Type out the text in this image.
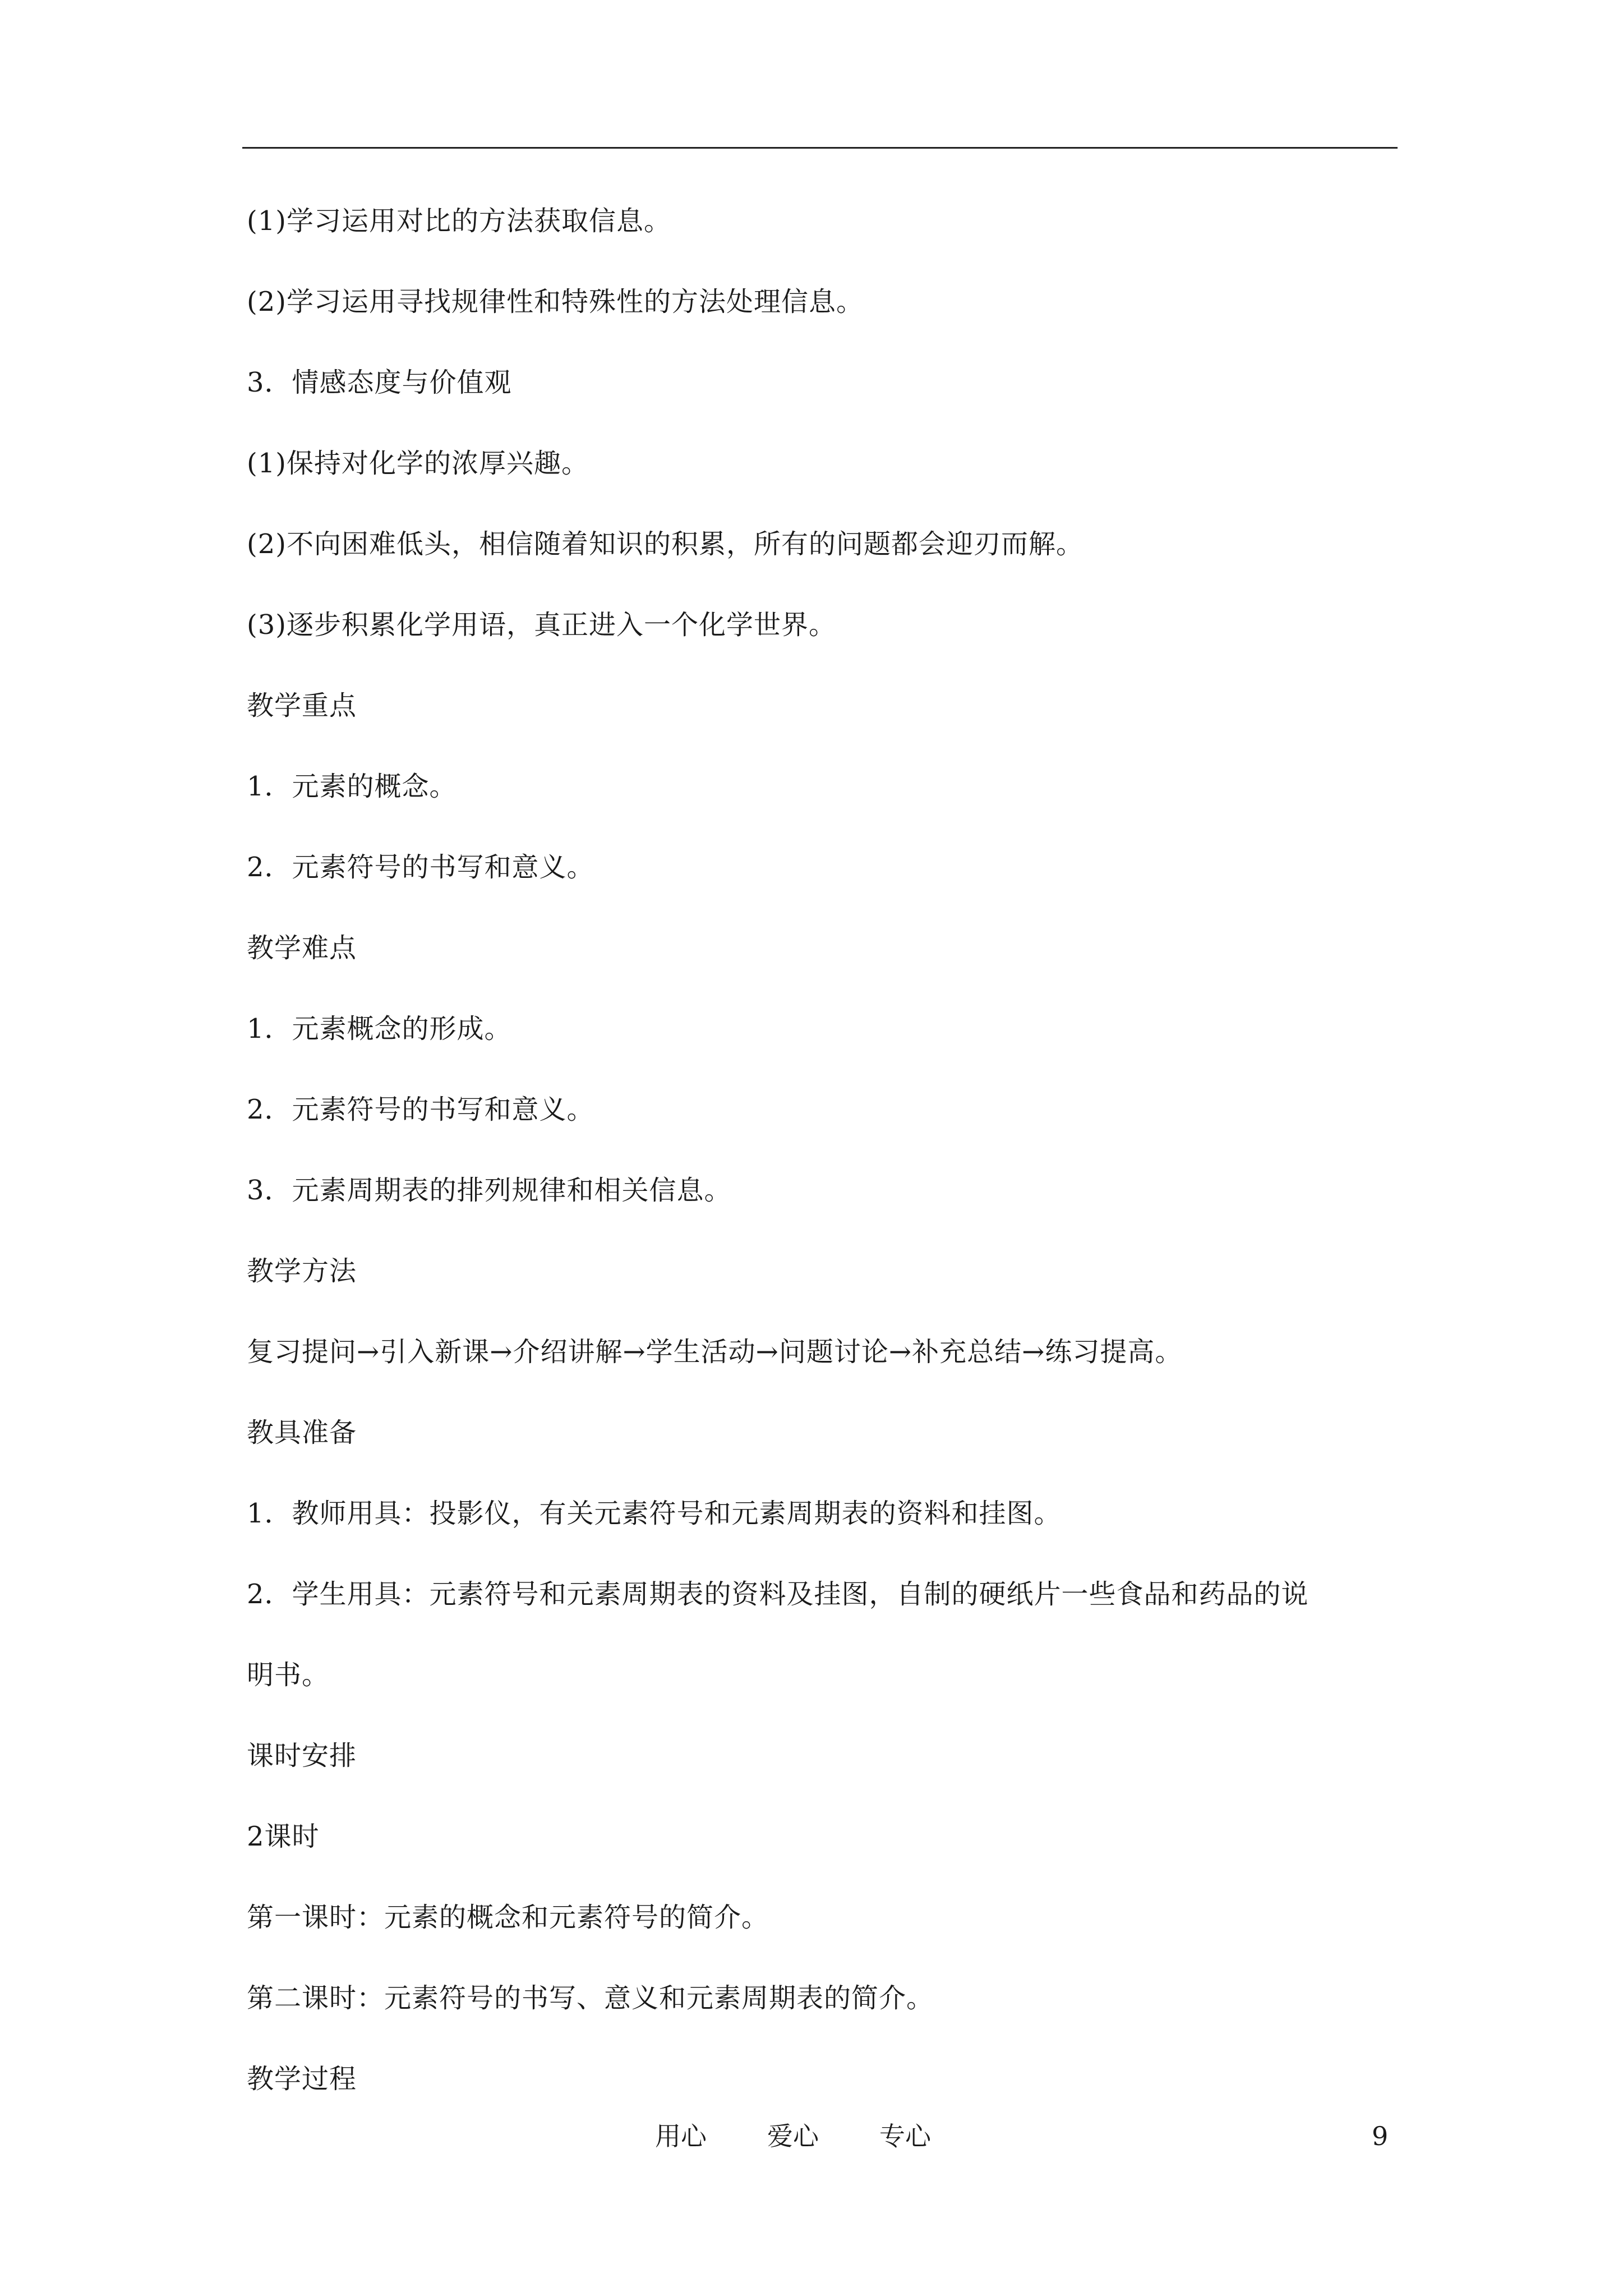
(1)学习运用对比的方法获取信息。
(2)学习运用寻找规律性和特殊性的方法处理信息。
3．情感态度与价值观
(1)保持对化学的浓厚兴趣。
(2)不向困难低头，相信随着知识的积累，所有的问题都会迎刃而解。
(3)逐步积累化学用语，真正进入一个化学世界。
教学重点
1．元素的概念。
2．元素符号的书写和意义。
教学难点
1．元素概念的形成。
2．元素符号的书写和意义。
3．元素周期表的排列规律和相关信息。
教学方法
复习提问→引入新课→介绍讲解→学生活动→问题讨论→补充总结→练习提高。
教具准备
1．教师用具：投影仪，有关元素符号和元素周期表的资料和挂图。
2．学生用具：元素符号和元素周期表的资料及挂图，自制的硬纸片一些食品和药品的说
明书。
课时安排
2课时
第一课时：元素的概念和元素符号的简介。
第二课时：元素符号的书写、意义和元素周期表的简介。
教学过程
用心 爱心 专心	9
